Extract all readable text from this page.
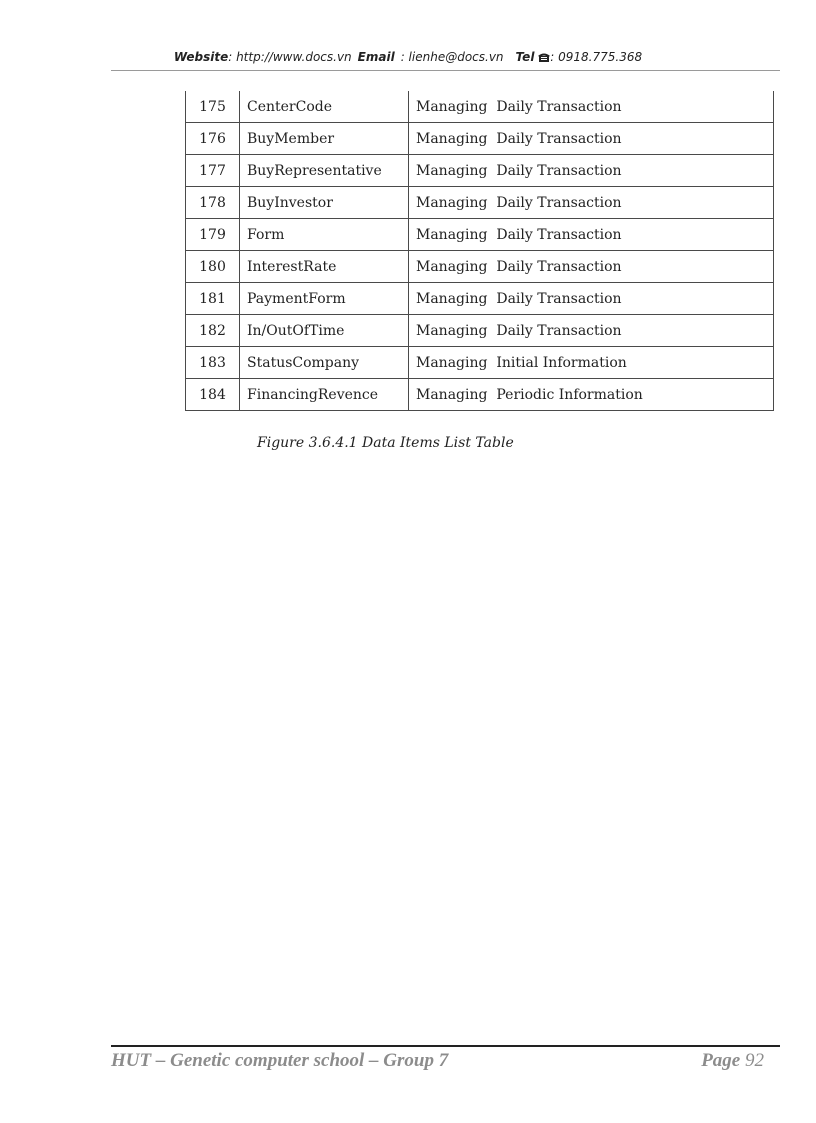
Website: http://www.docs.vn Email : lienhe@docs.vn Tel : 0918.775.368
175	CenterCode	Managing  Daily Transaction
176	BuyMember	Managing  Daily Transaction
177	BuyRepresentative	Managing  Daily Transaction
178	BuyInvestor	Managing  Daily Transaction
179	Form	Managing  Daily Transaction
180	InterestRate	Managing  Daily Transaction
181	PaymentForm	Managing  Daily Transaction
182	In/OutOfTime	Managing  Daily Transaction
183	StatusCompany	Managing  Initial Information
184	FinancingRevence	Managing  Periodic Information
Figure 3.6.4.1 Data Items List Table
HUT – Genetic computer school – Group 7	Page 92
